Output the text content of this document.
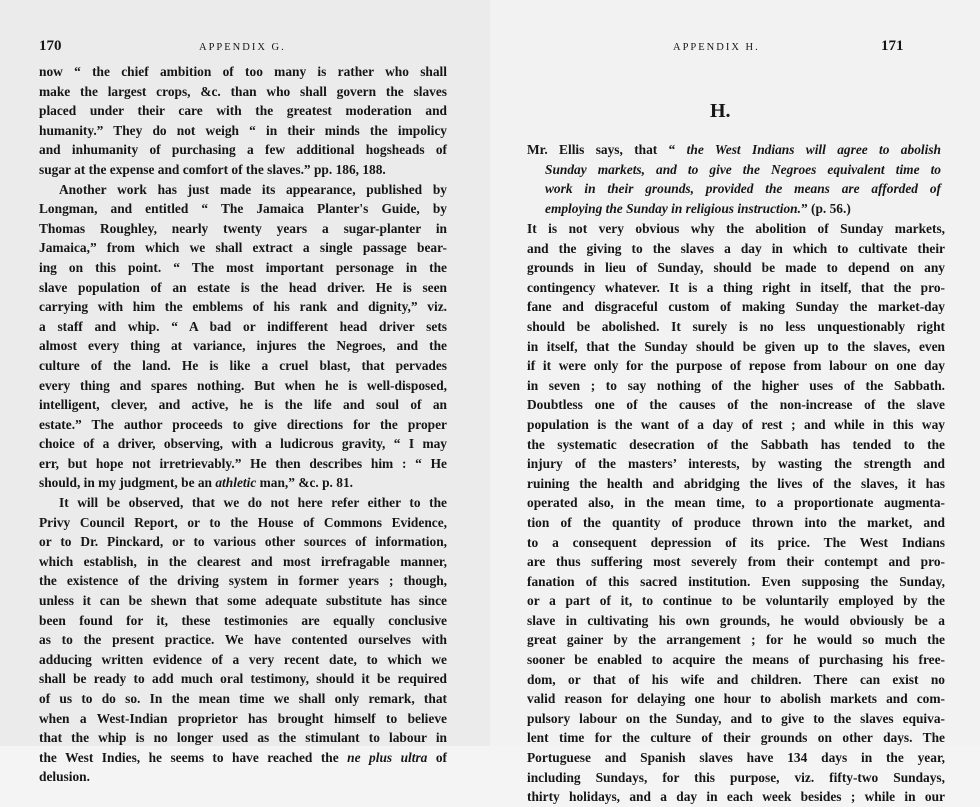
170	APPENDIX G.
now “ the chief ambition of too many is rather who shall
make the largest crops, &c. than who shall govern the slaves
placed under their care with the greatest moderation and
humanity.” They do not weigh “ in their minds the impolicy
and inhumanity of purchasing a few additional hogsheads of
sugar at the expense and comfort of the slaves.” pp. 186, 188.
Another work has just made its appearance, published by
Longman, and entitled “ The Jamaica Planter's Guide, by
Thomas Roughley, nearly twenty years a sugar-planter in
Jamaica,” from which we shall extract a single passage bear-
ing on this point. “ The most important personage in the
slave population of an estate is the head driver. He is seen
carrying with him the emblems of his rank and dignity,” viz.
a staff and whip. “ A bad or indifferent head driver sets
almost every thing at variance, injures the Negroes, and the
culture of the land. He is like a cruel blast, that pervades
every thing and spares nothing. But when he is well-disposed,
intelligent, clever, and active, he is the life and soul of an
estate.” The author proceeds to give directions for the proper
choice of a driver, observing, with a ludicrous gravity, “ I may
err, but hope not irretrievably.” He then describes him : “ He
should, in my judgment, be an athletic man,” &c. p. 81.
It will be observed, that we do not here refer either to the
Privy Council Report, or to the House of Commons Evidence,
or to Dr. Pinckard, or to various other sources of information,
which establish, in the clearest and most irrefragable manner,
the existence of the driving system in former years ; though,
unless it can be shewn that some adequate substitute has since
been found for it, these testimonies are equally conclusive
as to the present practice. We have contented ourselves with
adducing written evidence of a very recent date, to which we
shall be ready to add much oral testimony, should it be required
of us to do so. In the mean time we shall only remark, that
when a West-Indian proprietor has brought himself to believe
that the whip is no longer used as the stimulant to labour in
the West Indies, he seems to have reached the ne plus ultra of
delusion.
APPENDIX H.	171
H.
Mr. Ellis says, that “ the West Indians will agree to abolish
Sunday markets, and to give the Negroes equivalent time to
work in their grounds, provided the means are afforded of
employing the Sunday in religious instruction.” (p. 56.)
It is not very obvious why the abolition of Sunday markets,
and the giving to the slaves a day in which to cultivate their
grounds in lieu of Sunday, should be made to depend on any
contingency whatever. It is a thing right in itself, that the pro-
fane and disgraceful custom of making Sunday the market-day
should be abolished. It surely is no less unquestionably right
in itself, that the Sunday should be given up to the slaves, even
if it were only for the purpose of repose from labour on one day
in seven ; to say nothing of the higher uses of the Sabbath.
Doubtless one of the causes of the non-increase of the slave
population is the want of a day of rest ; and while in this way
the systematic desecration of the Sabbath has tended to the
injury of the masters’ interests, by wasting the strength and
ruining the health and abridging the lives of the slaves, it has
operated also, in the mean time, to a proportionate augmenta-
tion of the quantity of produce thrown into the market, and
to a consequent depression of its price. The West Indians
are thus suffering most severely from their contempt and pro-
fanation of this sacred institution. Even supposing the Sunday,
or a part of it, to continue to be voluntarily employed by the
slave in cultivating his own grounds, he would obviously be a
great gainer by the arrangement ; for he would so much the
sooner be enabled to acquire the means of purchasing his free-
dom, or that of his wife and children. There can exist no
valid reason for delaying one hour to abolish markets and com-
pulsory labour on the Sunday, and to give to the slaves equiva-
lent time for the culture of their grounds on other days. The
Portuguese and Spanish slaves have 134 days in the year,
including Sundays, for this purpose, viz. fifty-two Sundays,
thirty holidays, and a day in each week besides ; while in our
